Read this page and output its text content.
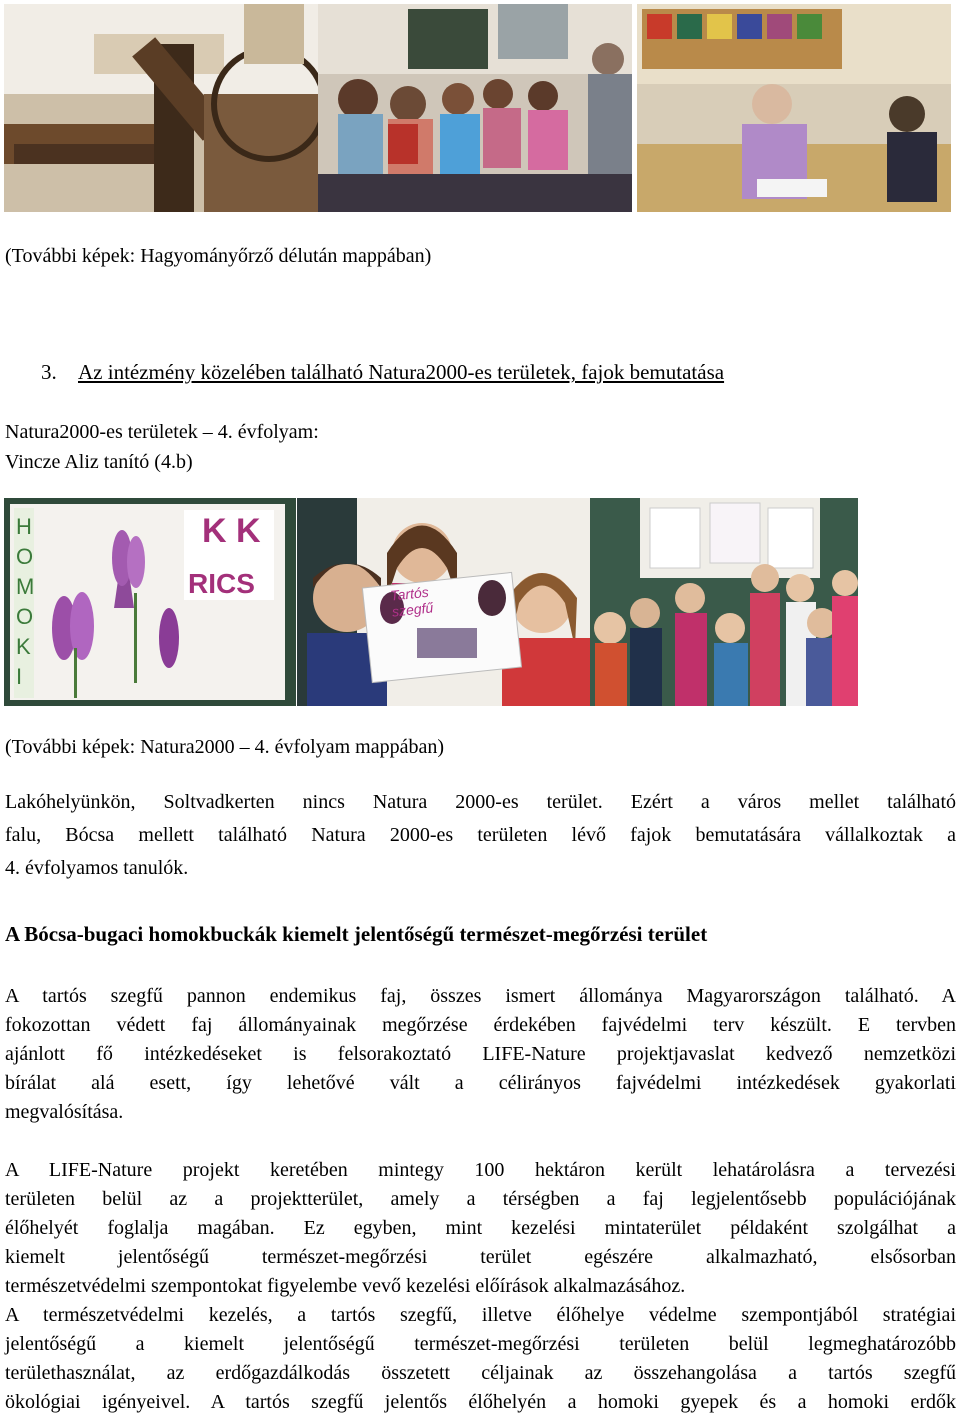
(További képek: Hagyományőrző délután mappában)
3. Az intézmény közelében található Natura2000-es területek, fajok bemutatása
Natura2000-es területek – 4. évfolyam:
Vincze Aliz tanító (4.b)
HOMOKI
K K
RICS	Tartós szegfű
(További képek: Natura2000 – 4. évfolyam mappában)
Lakóhelyünkön, Soltvadkerten nincs Natura 2000-es terület. Ezért a város mellet található
falu, Bócsa mellett található Natura 2000-es területen lévő fajok bemutatására vállalkoztak a
4. évfolyamos tanulók.
A Bócsa-bugaci homokbuckák kiemelt jelentőségű természet-megőrzési terület
A tartós szegfű pannon endemikus faj, összes ismert állománya Magyarországon található. A
fokozottan védett faj állományainak megőrzése érdekében fajvédelmi terv készült. E tervben
ajánlott fő intézkedéseket is felsorakoztató LIFE-Nature projektjavaslat kedvező nemzetközi
bírálat alá esett, így lehetővé vált a célirányos fajvédelmi intézkedések gyakorlati
megvalósítása.
A LIFE-Nature projekt keretében mintegy 100 hektáron került lehatárolásra a tervezési
területen belül az a projektterület, amely a térségben a faj legjelentősebb populációjának
élőhelyét foglalja magában. Ez egyben, mint kezelési mintaterület példaként szolgálhat a
kiemelt jelentőségű természet-megőrzési terület egészére alkalmazható, elsősorban
természetvédelmi szempontokat figyelembe vevő kezelési előírások alkalmazásához.
A természetvédelmi kezelés, a tartós szegfű, illetve élőhelye védelme szempontjából stratégiai
jelentőségű a kiemelt jelentőségű természet-megőrzési területen belül legmeghatározóbb
területhasználat, az erdőgazdálkodás összetett céljainak az összehangolása a tartós szegfű
ökológiai igényeivel. A tartós szegfű jelentős élőhelyén a homoki gyepek és a homoki erdők
